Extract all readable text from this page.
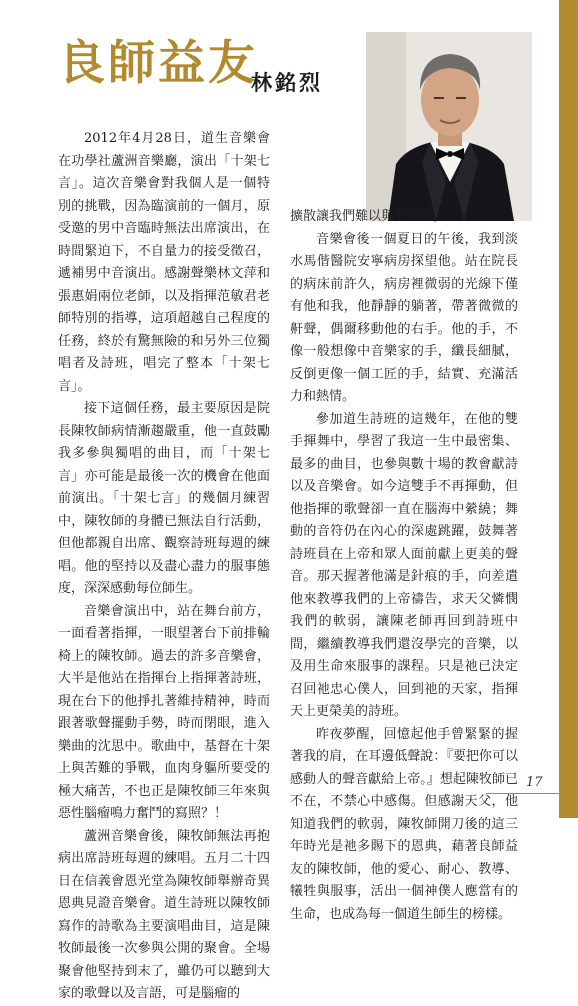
良師益友
林銘烈

2012年4月28日，道生音樂會在功學社蘆洲音樂廳，演出「十架七言」。這次音樂會對我個人是一個特別的挑戰，因為臨演前的一個月，原受邀的男中音臨時無法出席演出，在時間緊迫下，不自量力的接受徵召，遞補男中音演出。感謝聲樂林文萍和張惠娟兩位老師，以及指揮范敏君老師特別的指導，這項超越自己程度的任務，終於有驚無險的和另外三位獨唱者及詩班，唱完了整本「十架七言」。

接下這個任務，最主要原因是院長陳牧師病情漸趨嚴重，他一直鼓勵我多參與獨唱的曲目，而「十架七言」亦可能是最後一次的機會在他面前演出。「十架七言」的幾個月練習中，陳牧師的身體已無法自行活動，但他都親自出席、觀察詩班每週的練唱。他的堅持以及盡心盡力的服事態度，深深感動每位師生。

音樂會演出中，站在舞台前方，一面看著指揮，一眼望著台下前排輪椅上的陳牧師。過去的許多音樂會，大半是他站在指揮台上指揮著詩班，現在台下的他掙扎著維持精神，時而跟著歌聲擺動手勢，時而閉眼，進入樂曲的沈思中。歌曲中，基督在十架上與苦難的爭戰，血肉身軀所要受的極大痛苦，不也正是陳牧師三年來與惡性腦瘤鳴力奮鬥的寫照？！

蘆洲音樂會後，陳牧師無法再抱病出席詩班每週的練唱。五月二十四日在信義會恩光堂為陳牧師舉辦奇異恩典見證音樂會。道生詩班以陳牧師寫作的詩歌為主要演唱曲目，這是陳牧師最後一次參與公開的聚會。全場聚會他堅持到末了，雖仍可以聽到大家的歌聲以及言語，可是腦瘤的

擴散讓我們難以與他對談。

音樂會後一個夏日的午後，我到淡水馬偕醫院安寧病房探望他。站在院長的病床前許久，病房裡微弱的光線下僅有他和我，他靜靜的躺著，帶著微微的鼾聲，偶爾移動他的右手。他的手，不像一般想像中音樂家的手，纖長細膩，反倒更像一個工匠的手，結實、充滿活力和熱情。

參加道生詩班的這幾年，在他的雙手揮舞中，學習了我這一生中最密集、最多的曲目，也參與數十場的教會獻詩以及音樂會。如今這雙手不再揮動，但他指揮的歌聲卻一直在腦海中縈繞；舞動的音符仍在內心的深處跳躍，鼓舞著詩班員在上帝和眾人面前獻上更美的聲音。那天握著他滿是針痕的手，向差遣他來教導我們的上帝禱告，求天父憐憫我們的軟弱，讓陳老師再回到詩班中間，繼續教導我們還沒學完的音樂，以及用生命來服事的課程。只是祂已決定召回祂忠心僕人，回到祂的天家，指揮天上更榮美的詩班。

昨夜夢醒，回憶起他手曾緊緊的握著我的肩，在耳邊低聲說：『要把你可以感動人的聲音獻給上帝。』想起陳牧師已不在，不禁心中感傷。但感謝天父，他知道我們的軟弱，陳牧師開刀後的這三年時光是祂多賜下的恩典，藉著良師益友的陳牧師，他的愛心、耐心、教導、犧牲與服事，活出一個神僕人應當有的生命，也成為每一個道生師生的榜樣。

17
